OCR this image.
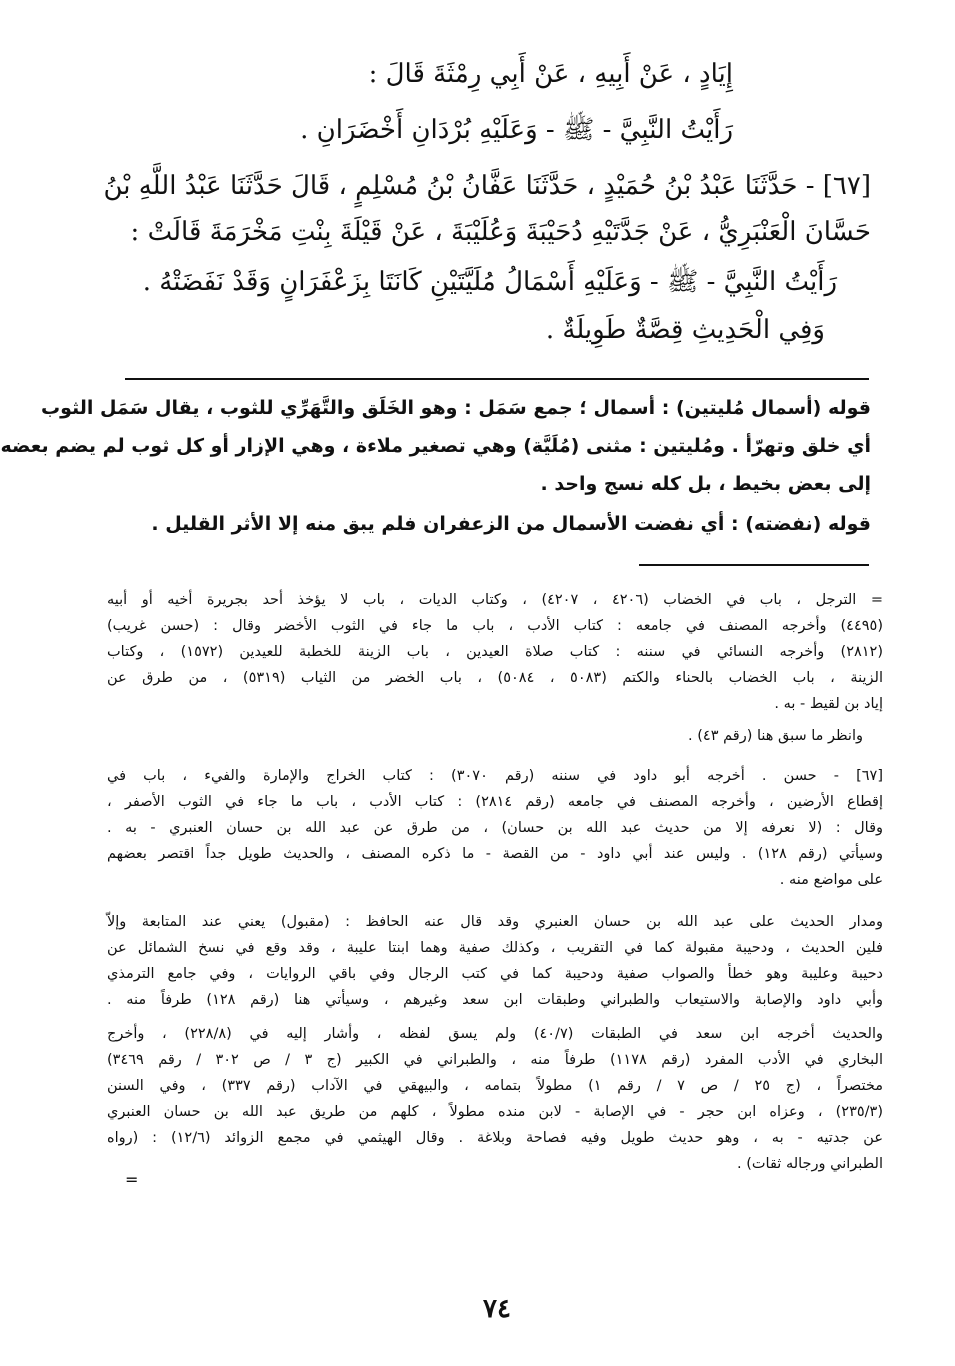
إِيَادٍ ، عَنْ أَبِيهِ ، عَنْ أَبِي رِمْثَةَ قَالَ :
رَأَيْتُ النَّبِيَّ - ﷺ - وَعَلَيْهِ بُرْدَانِ أَخْضَرَانِ .
[٦٧] - حَدَّثَنَا عَبْدُ بْنُ حُمَيْدٍ ، حَدَّثَنَا عَفَّانُ بْنُ مُسْلِمٍ ، قَالَ حَدَّثَنَا عَبْدُ اللَّهِ بْنُ
حَسَّانَ الْعَنْبَرِيُّ ، عَنْ جَدَّتَيْهِ دُحَيْبَةَ وَعُلَيْبَةَ ، عَنْ قَيْلَةَ بِنْتِ مَخْرَمَةَ قَالَتْ :
رَأَيْتُ النَّبِيَّ - ﷺ - وَعَلَيْهِ أَسْمَالُ مُلَيَّتَيْنِ كَانَتَا بِزَعْفَرَانٍ وَقَدْ نَفَضَتْهُ .
وَفِي الْحَدِيثِ قِصَّةٌ طَوِيلَةٌ .
قوله (أسمال مُليتين) : أسمال ؛ جمع سَمَل : وهو الخَلَق والتَّهَرِّي للثوب ، يقال سَمَل الثوب
أي خلق وتهرّأ . ومُليتين : مثنى (مُلَيَّة) وهي تصغير ملاءة ، وهي الإزار أو كل ثوب لم يضم بعضه
إلى بعض بخيط ، بل كله نسج واحد .
قوله (نفضته) : أي نفضت الأسمال من الزعفران فلم يبق منه إلا الأثر القليل .
= الترجل ، باب في الخضاب (٤٢٠٦ ، ٤٢٠٧) ، وكتاب الديات ، باب لا يؤخذ أحد بجريرة أخيه أو أبيه
(٤٤٩٥) وأخرجه المصنف في جامعه : كتاب الأدب ، باب ما جاء في الثوب الأخضر وقال : (حسن غريب)
(٢٨١٢) وأخرجه النسائي في سننه : كتاب صلاة العيدين ، باب الزينة للخطبة للعيدين (١٥٧٢) ، وكتاب
الزينة ، باب الخضاب بالحناء والكتم (٥٠٨٣ ، ٥٠٨٤) ، باب الخضر من الثياب (٥٣١٩) ، من طرق عن
إياد بن لقيط - به .
وانظر ما سبق هنا (رقم ٤٣) .
[٦٧] - حسن . أخرجه أبو داود في سننه (رقم ٣٠٧٠) : كتاب الخراج والإمارة والفيء ، باب في
إقطاع الأرضين ، وأخرجه المصنف في جامعه (رقم ٢٨١٤) : كتاب الأدب ، باب ما جاء في الثوب الأصفر ،
وقال : (لا نعرفه إلا من حديث عبد الله بن حسان) ، من طرق عن عبد الله بن حسان العنبري - به .
وسيأتي (رقم ١٢٨) . وليس عند أبي داود - من القصة - ما ذكره المصنف ، والحديث طويل جداً اقتصر بعضهم
على مواضع منه .
ومدار الحديث على عبد الله بن حسان العنبري وقد قال عنه الحافظ : (مقبول) يعني عند المتابعة وإلاّ
فلين الحديث ، ودحيبة مقبولة كما في التقريب ، وكذلك صفية وهما ابنتا عليبة ، وقد وقع في نسخ الشمائل عن
دحيبة وعليبة وهو خطأ والصواب صفية ودحيبة كما في كتب الرجال وفي باقي الروايات ، وفي جامع الترمذي
وأبي داود والإصابة والاستيعاب والطبراني وطبقات ابن سعد وغيرهم ، وسيأتي هنا (رقم ١٢٨) طرفاً منه .
والحديث أخرجه ابن سعد في الطبقات (٤٠/٧) ولم يسق لفظه ، وأشار إليه في (٢٢٨/٨) ، وأخرج
البخاري في الأدب المفرد (رقم ١١٧٨) طرفاً منه ، والطبراني في الكبير (ج ٣ / ص ٣٠٢ / رقم ٣٤٦٩)
مختصراً ، (ج ٢٥ / ص ٧ / رقم ١) مطولاً بتمامه ، والبيهقي في الآداب (رقم ٣٣٧) ، وفي السنن
(٢٣٥/٣) ، وعزاه ابن حجر - في الإصابة - لابن منده مطولاً ، كلهم من طريق عبد الله بن حسان العنبري
عن جدتيه - به ، وهو حديث طويل وفيه فصاحة وبلاغة . وقال الهيثمي في مجمع الزوائد (١٢/٦) : (رواه
الطبراني ورجاله ثقات) .
=
٧٤
